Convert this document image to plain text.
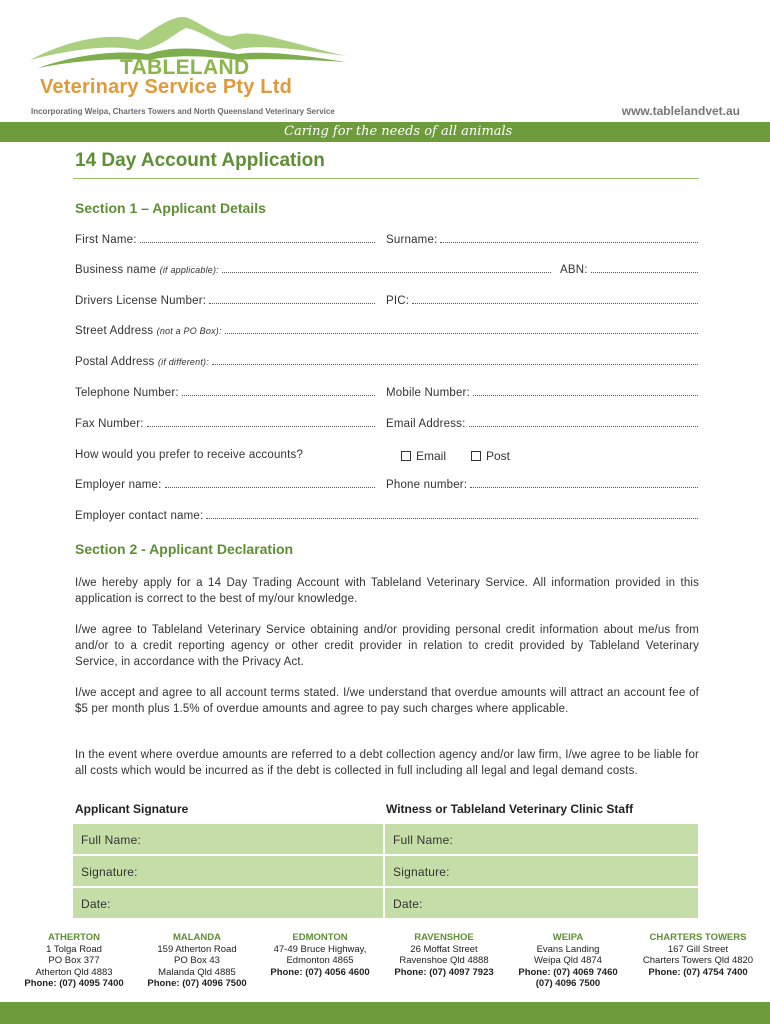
TABLELAND
Veterinary Service Pty Ltd
Incorporating Weipa, Charters Towers and North Queensland Veterinary Service	www.tablelandvet.au
Caring for the needs of all animals
14 Day Account Application
Section 1 – Applicant Details
First Name:	Surname:
Business name (if applicable):	ABN:
Drivers License Number:	PIC:
Street Address (not a PO Box):
Postal Address (if different):
Telephone Number:	Mobile Number:
Fax Number:	Email Address:
How would you prefer to receive accounts?	Email	Post
Employer name:	Phone number:
Employer contact name:
Section 2 - Applicant Declaration

I/we hereby apply for a 14 Day Trading Account with Tableland Veterinary Service. All information provided in this application is correct to the best of my/our knowledge.

I/we agree to Tableland Veterinary Service obtaining and/or providing personal credit information about me/us from and/or to a credit reporting agency or other credit provider in relation to credit provided by Tableland Veterinary Service, in accordance with the Privacy Act.

I/we accept and agree to all account terms stated. I/we understand that overdue amounts will attract an account fee of $5 per month plus 1.5% of overdue amounts and agree to pay such charges where applicable.

In the event where overdue amounts are referred to a debt collection agency and/or law firm, I/we agree to be liable for all costs which would be incurred as if the debt is collected in full including all legal and legal demand costs.

Applicant Signature	Witness or Tableland Veterinary Clinic Staff
Full Name:	Full Name:
Signature:	Signature:
Date:	Date:
ATHERTON
1 Tolga Road
PO Box 377
Atherton Qld 4883
Phone: (07) 4095 7400
MALANDA
159 Atherton Road
PO Box 43
Malanda Qld 4885
Phone: (07) 4096 7500
EDMONTON
47-49 Bruce Highway,
Edmonton 4865
Phone: (07) 4056 4600
RAVENSHOE
26 Moffat Street
Ravenshoe Qld 4888
Phone: (07) 4097 7923
WEIPA
Evans Landing
Weipa Qld 4874
Phone: (07) 4069 7460
(07) 4096 7500
CHARTERS TOWERS
167 Gill Street
Charters Towers Qld 4820
Phone: (07) 4754 7400
